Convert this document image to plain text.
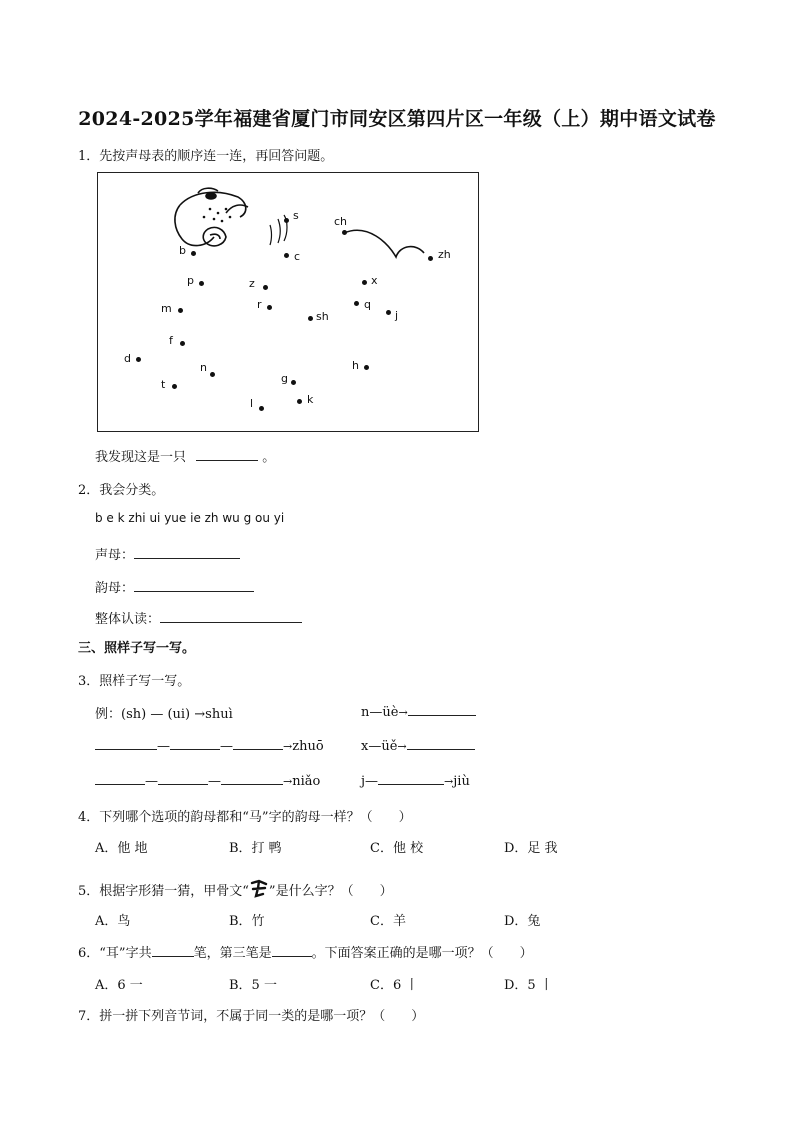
2024-2025学年福建省厦门市同安区第四片区一年级（上）期中语文试卷
1．先按声母表的顺序连一连，再回答问题。
s
c
z
b
p
m
f
d
t
n
l
g
k
ch
zh
x
q
j
r
sh
h
我发现这是一只	。
2．我会分类。
b e k zhi ui yue ie zh wu g ou yi
声母：
韵母：
整体认读：
三、照样子写一写。
3．照样子写一写。
例：(sh) — (ui) →shuì	n—üè→
—	—	→zhuō	x—üě→
—	—	→niǎo	j—	→jiù
4．下列哪个选项的韵母都和“马”字的韵母一样？（　　）
A．他 地	B．打 鸭	C．他 校	D．足 我
5．根据字形猜一猜，甲骨文“ ”是什么字？（　　）
A．鸟	B．竹	C．羊	D．兔
6．“耳”字共	笔，第三笔是	。下面答案正确的是哪一项？（　　）
A．6 一	B．5 一	C．6 丨	D．5 丨
7．拼一拼下列音节词，不属于同一类的是哪一项？（　　）
